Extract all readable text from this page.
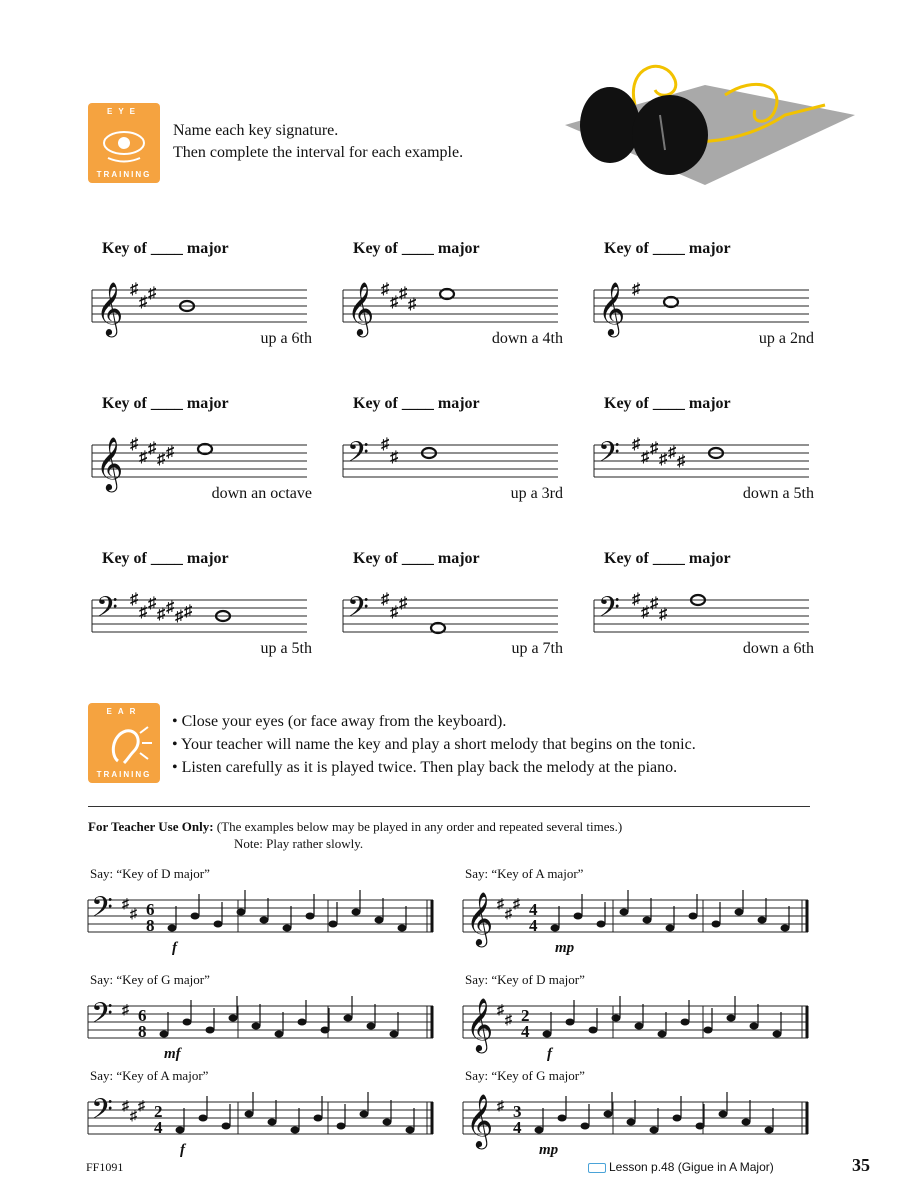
EYE
TRAINING
Name each key signature.
Then complete the interval for each example.
Key of ____ major
𝄞 ♯
♯
♯
up a 6th
Key of ____ major
𝄞 ♯
♯
♯
♯
down a 4th
Key of ____ major
𝄞 ♯
up a 2nd
Key of ____ major
𝄞 ♯
♯
♯
♯ ♯
down an octave
Key of ____ major
𝄢 ♯
♯
up a 3rd
Key of ____ major
𝄢 ♯
♯
♯
♯ ♯
♯
down a 5th
Key of ____ major
𝄢 ♯
♯
♯
♯ ♯
♯ ♯
up a 5th
Key of ____ major
𝄢 ♯
♯
♯
up a 7th
Key of ____ major
𝄢 ♯
♯
♯
♯
down a 6th
EAR
TRAINING
• Close your eyes (or face away from the keyboard).
• Your teacher will name the key and play a short melody that begins on the tonic.
• Listen carefully as it is played twice. Then play back the melody at the piano.
For Teacher Use Only: (The examples below may be played in any order and repeated several times.)
Note: Play rather slowly.
Say: “Key of D major”
𝄢 ♯
♯ 6
8
f
Say: “Key of A major”
𝄞 ♯
♯
♯ 4
4
mp
Say: “Key of G major”
𝄢 ♯ 6
8
mf
Say: “Key of D major”
𝄞 ♯
♯ 2
4
f
Say: “Key of A major”
𝄢 ♯
♯
♯ 2
4
f
Say: “Key of G major”
𝄞 ♯ 3
4
mp
FF1091	Lesson p.48 (Gigue in A Major)	35
